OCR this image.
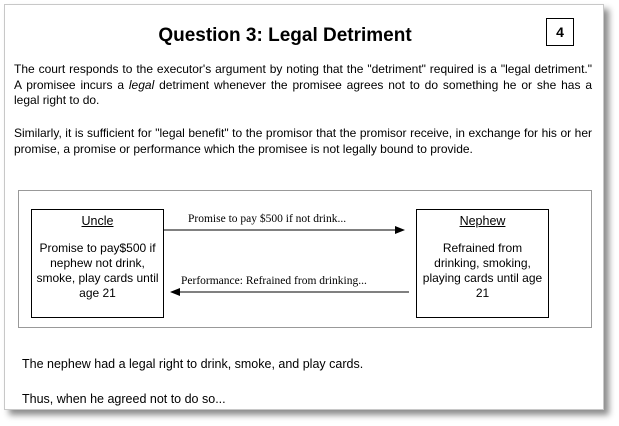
Question 3: Legal Detriment	4
The court responds to the executor's argument by noting that the "detriment" required is a "legal detriment." A promisee incurs a legal detriment whenever the promisee agrees not to do something he or she has a legal right to do.
Similarly, it is sufficient for "legal benefit" to the promisor that the promisor receive, in exchange for his or her promise, a promise or performance which the promisee is not legally bound to provide.
Uncle
Promise to pay$500 if nephew not drink, smoke, play cards until age 21
Nephew
Refrained from drinking, smoking, playing cards until age 21
Promise to pay $500 if not drink...
Performance: Refrained from drinking...
The nephew had a legal right to drink, smoke, and play cards.
Thus, when he agreed not to do so...
